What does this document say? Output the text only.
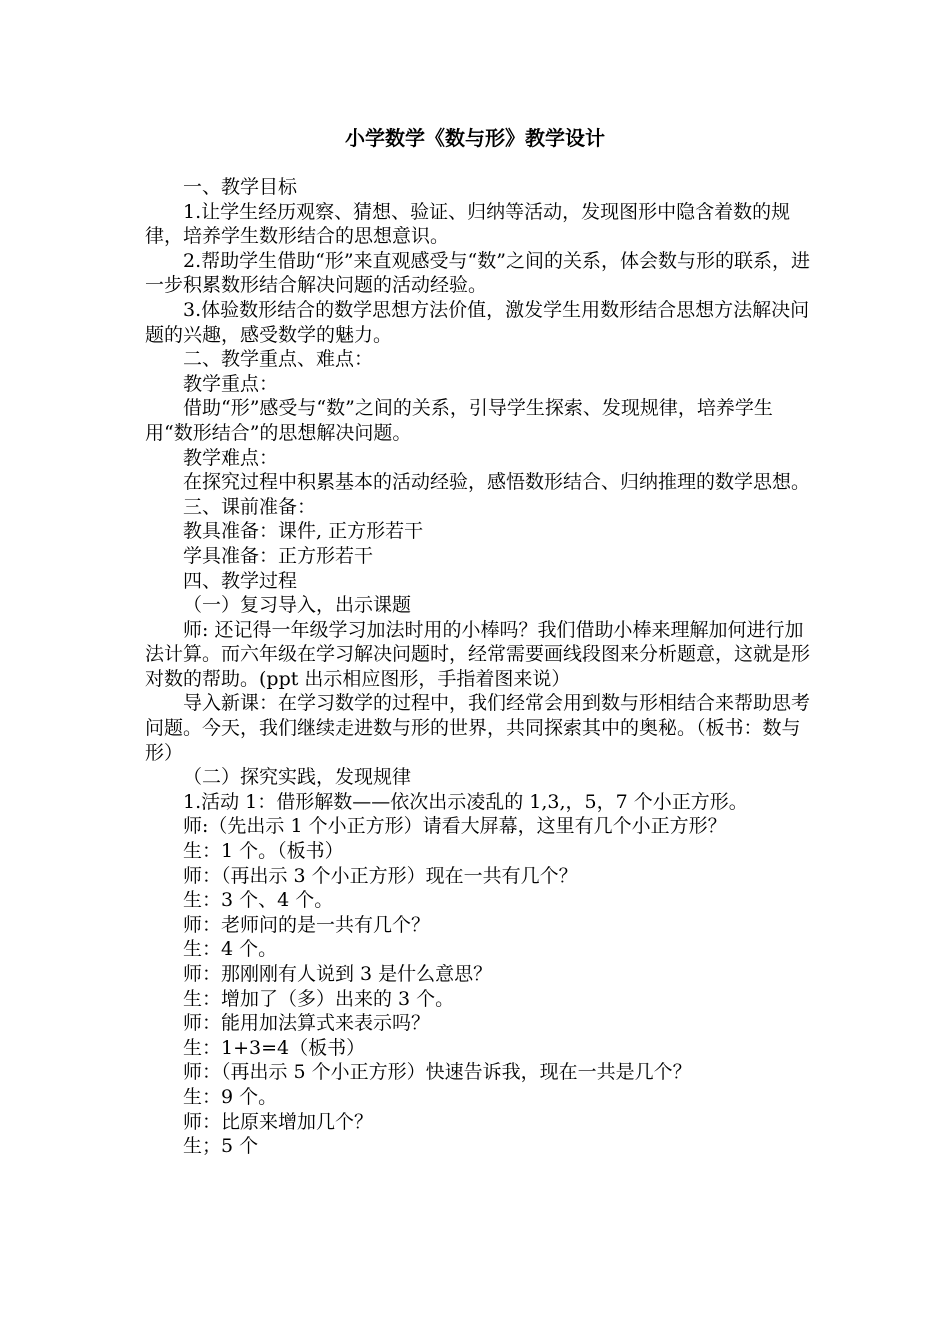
小学数学《数与形》教学设计

一、教学目标

1.让学生经历观察、猜想、验证、归纳等活动，发现图形中隐含着数的规律，培养学生数形结合的思想意识。

2.帮助学生借助“形”来直观感受与“数”之间的关系，体会数与形的联系，进一步积累数形结合解决问题的活动经验。

3.体验数形结合的数学思想方法价值，激发学生用数形结合思想方法解决问题的兴趣，感受数学的魅力。

二、教学重点、难点：

教学重点：

借助“形”感受与“数”之间的关系，引导学生探索、发现规律，培养学生用“数形结合”的思想解决问题。

教学难点：

在探究过程中积累基本的活动经验，感悟数形结合、归纳推理的数学思想。

三、课前准备：

教具准备：课件, 正方形若干

学具准备：正方形若干

四、教学过程

（一）复习导入，出示课题

师: 还记得一年级学习加法时用的小棒吗？我们借助小棒来理解加何进行加法计算。而六年级在学习解决问题时，经常需要画线段图来分析题意，这就是形对数的帮助。(ppt 出示相应图形，手指着图来说）

导入新课：在学习数学的过程中，我们经常会用到数与形相结合来帮助思考问题。今天，我们继续走进数与形的世界，共同探索其中的奥秘。（板书：数与形）

（二）探究实践，发现规律

1.活动 1：借形解数——依次出示凌乱的 1,3,，5，7 个小正方形。

师:（先出示 1 个小正方形）请看大屏幕，这里有几个小正方形？

生：1 个。（板书）

师：（再出示 3 个小正方形）现在一共有几个？

生：3 个、4 个。

师：老师问的是一共有几个？

生：4 个。

师：那刚刚有人说到 3 是什么意思？

生：增加了（多）出来的 3 个。

师：能用加法算式来表示吗？

生：1+3=4（板书）

师：（再出示 5 个小正方形）快速告诉我，现在一共是几个？

生：9 个。

师：比原来增加几个？

生；5 个
